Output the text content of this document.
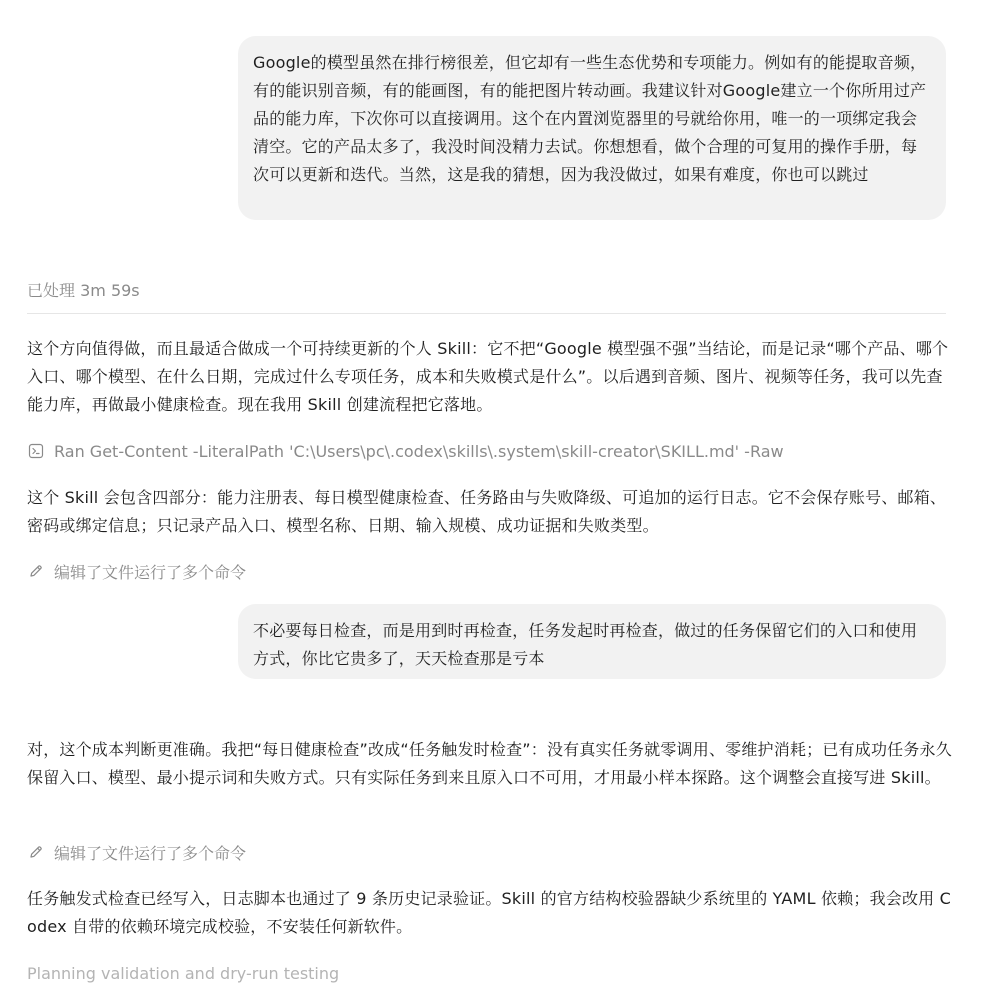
Google的模型虽然在排行榜很差，但它却有一些生态优势和专项能力。例如有的能提取音频，有的能识别音频，有的能画图，有的能把图片转动画。我建议针对Google建立一个你所用过产品的能力库，下次你可以直接调用。这个在内置浏览器里的号就给你用，唯一的一项绑定我会清空。它的产品太多了，我没时间没精力去试。你想想看，做个合理的可复用的操作手册，每次可以更新和迭代。当然，这是我的猜想，因为我没做过，如果有难度，你也可以跳过
已处理 3m 59s
这个方向值得做，而且最适合做成一个可持续更新的个人 Skill：它不把“Google 模型强不强”当结论，而是记录“哪个产品、哪个入口、哪个模型、在什么日期，完成过什么专项任务，成本和失败模式是什么”。以后遇到音频、图片、视频等任务，我可以先查能力库，再做最小健康检查。现在我用 Skill 创建流程把它落地。
Ran Get-Content -LiteralPath 'C:\Users\pc\.codex\skills\.system\skill-creator\SKILL.md' -Raw
这个 Skill 会包含四部分：能力注册表、每日模型健康检查、任务路由与失败降级、可追加的运行日志。它不会保存账号、邮箱、密码或绑定信息；只记录产品入口、模型名称、日期、输入规模、成功证据和失败类型。
编辑了文件运行了多个命令
不必要每日检查，而是用到时再检查，任务发起时再检查，做过的任务保留它们的入口和使用方式，你比它贵多了，天天检查那是亏本
对，这个成本判断更准确。我把“每日健康检查”改成“任务触发时检查”：没有真实任务就零调用、零维护消耗；已有成功任务永久保留入口、模型、最小提示词和失败方式。只有实际任务到来且原入口不可用，才用最小样本探路。这个调整会直接写进 Skill。
编辑了文件运行了多个命令
任务触发式检查已经写入，日志脚本也通过了 9 条历史记录验证。Skill 的官方结构校验器缺少系统里的 YAML 依赖；我会改用 Codex 自带的依赖环境完成校验，不安装任何新软件。
Planning validation and dry-run testing
